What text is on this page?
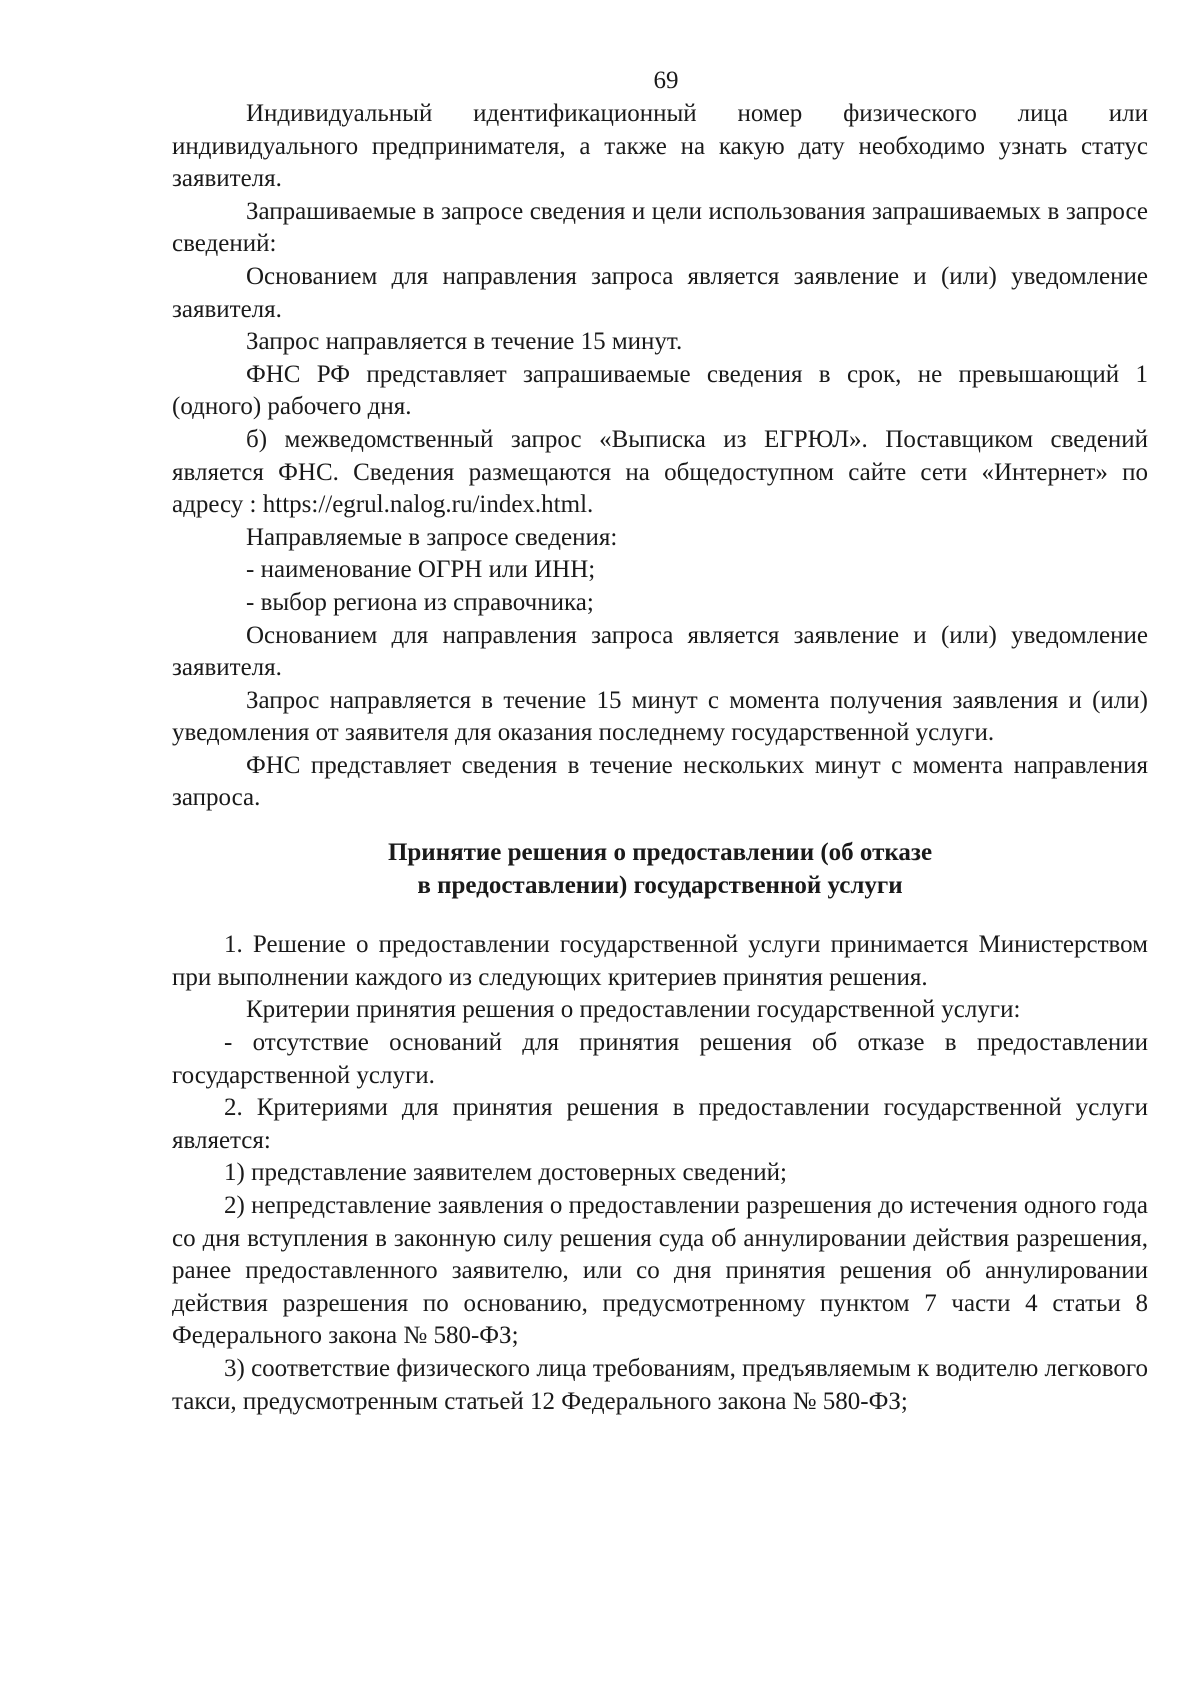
69

Индивидуальный идентификационный номер физического лица или индивидуального предпринимателя, а также на какую дату необходимо узнать статус заявителя.

Запрашиваемые в запросе сведения и цели использования запрашиваемых в запросе сведений:

Основанием для направления запроса является заявление и (или) уведомление заявителя.

Запрос направляется в течение 15 минут.

ФНС РФ представляет запрашиваемые сведения в срок, не превышающий 1 (одного) рабочего дня.

б) межведомственный запрос «Выписка из ЕГРЮЛ». Поставщиком сведений является ФНС. Сведения размещаются на общедоступном сайте сети «Интернет» по адресу : https://egrul.nalog.ru/index.html.

Направляемые в запросе сведения:

- наименование ОГРН или ИНН;

- выбор региона из справочника;

Основанием для направления запроса является заявление и (или) уведомление заявителя.

Запрос направляется в течение 15 минут с момента получения заявления и (или) уведомления от заявителя для оказания последнему государственной услуги.

ФНС представляет сведения в течение нескольких минут с момента направления запроса.

Принятие решения о предоставлении (об отказе
в предоставлении) государственной услуги

1. Решение о предоставлении государственной услуги принимается Министерством при выполнении каждого из следующих критериев принятия решения.

Критерии принятия решения о предоставлении государственной услуги:

- отсутствие оснований для принятия решения об отказе в предоставлении государственной услуги.

2. Критериями для принятия решения в предоставлении государственной услуги является:

1) представление заявителем достоверных сведений;

2) непредставление заявления о предоставлении разрешения до истечения одного года со дня вступления в законную силу решения суда об аннулировании действия разрешения, ранее предоставленного заявителю, или со дня принятия решения об аннулировании действия разрешения по основанию, предусмотренному пунктом 7 части 4 статьи 8 Федерального закона № 580-ФЗ;

3) соответствие физического лица требованиям, предъявляемым к водителю легкового такси, предусмотренным статьей 12 Федерального закона № 580-ФЗ;
